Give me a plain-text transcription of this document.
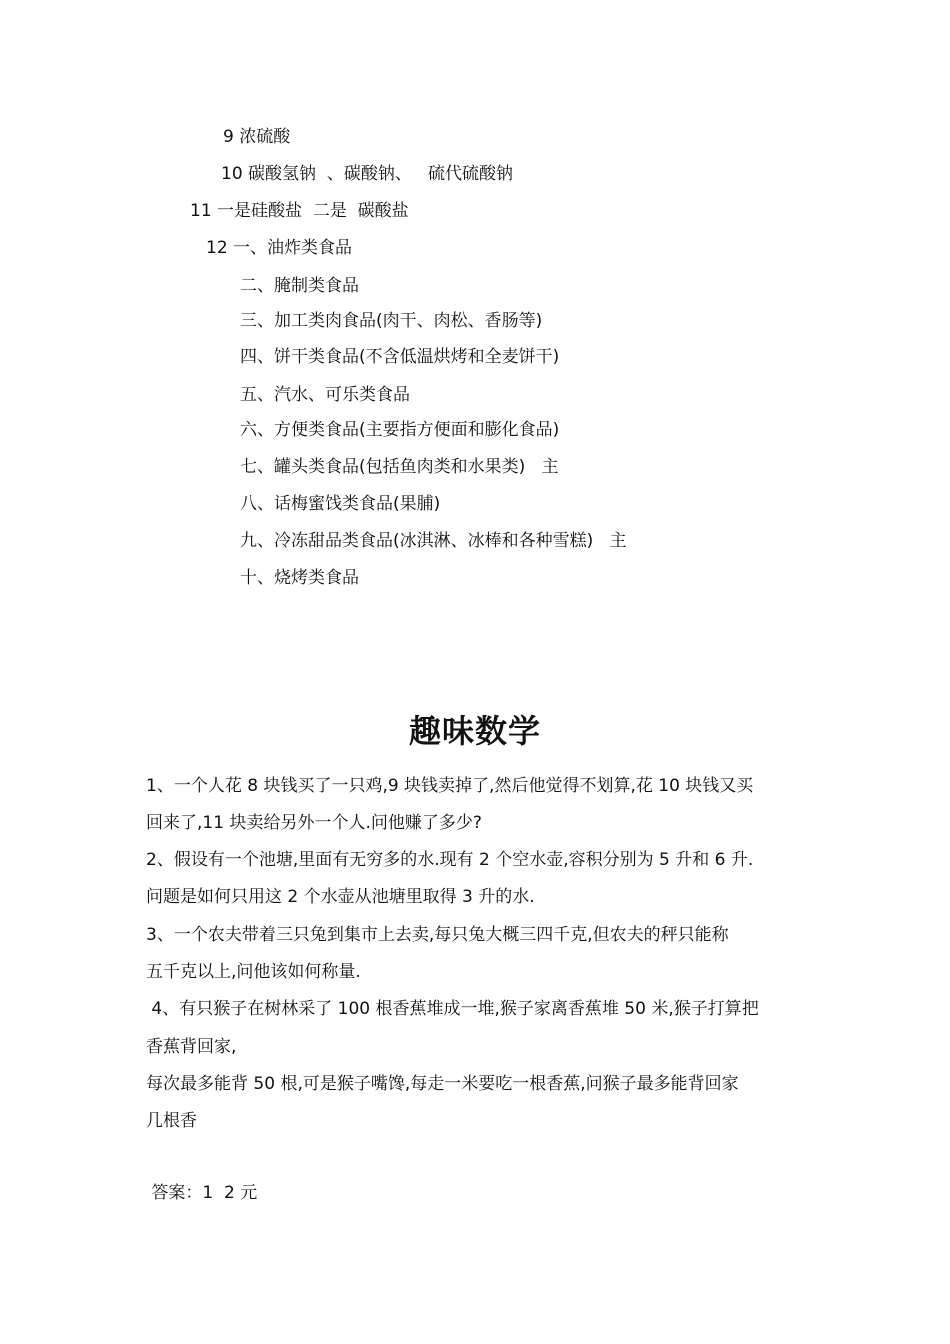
9 浓硫酸
10 碳酸氢钠  、碳酸钠、   硫代硫酸钠
11 一是硅酸盐  二是  碳酸盐
12 一、油炸类食品
二、腌制类食品
三、加工类肉食品(肉干、肉松、香肠等)
四、饼干类食品(不含低温烘烤和全麦饼干)
五、汽水、可乐类食品
六、方便类食品(主要指方便面和膨化食品)
七、罐头类食品(包括鱼肉类和水果类)   主
八、话梅蜜饯类食品(果脯)
九、冷冻甜品类食品(冰淇淋、冰棒和各种雪糕)   主
十、烧烤类食品
趣味数学
1、一个人花 8 块钱买了一只鸡,9 块钱卖掉了,然后他觉得不划算,花 10 块钱又买
回来了,11 块卖给另外一个人.问他赚了多少?
2、假设有一个池塘,里面有无穷多的水.现有 2 个空水壶,容积分别为 5 升和 6 升.
问题是如何只用这 2 个水壶从池塘里取得 3 升的水.
3、一个农夫带着三只兔到集市上去卖,每只兔大概三四千克,但农夫的秤只能称
五千克以上,问他该如何称量.
4、有只猴子在树林采了 100 根香蕉堆成一堆,猴子家离香蕉堆 50 米,猴子打算把
香蕉背回家,
每次最多能背 50 根,可是猴子嘴馋,每走一米要吃一根香蕉,问猴子最多能背回家
几根香
答案：1  2 元
